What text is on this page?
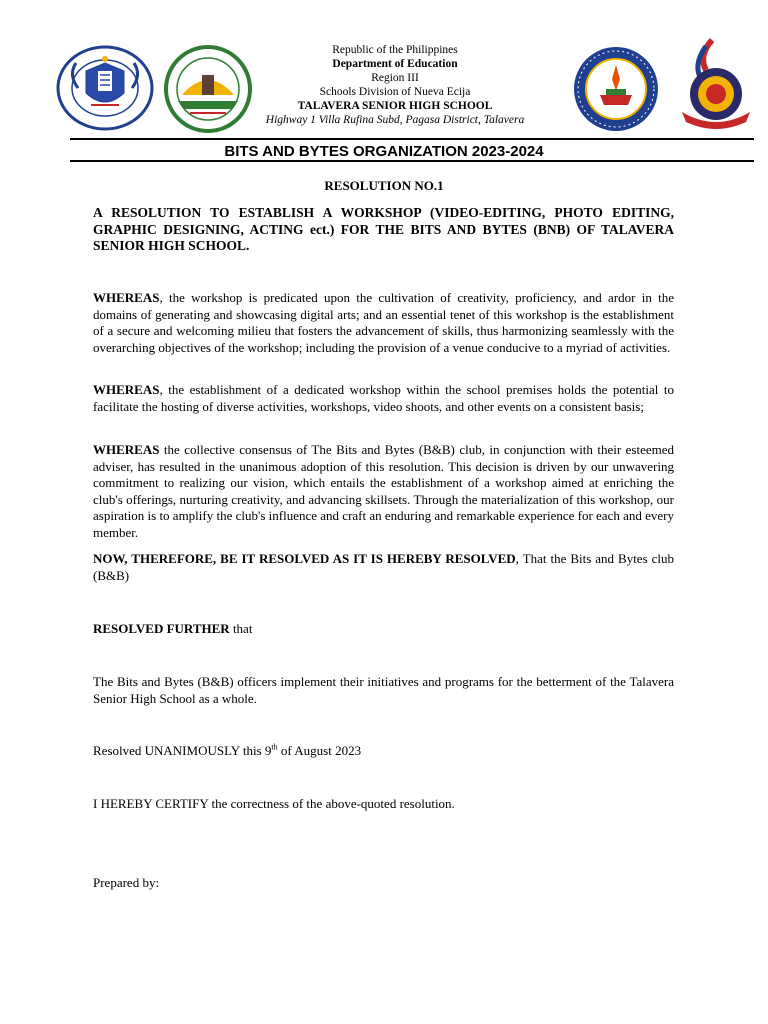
Republic of the Philippines
Department of Education
Region III
Schools Division of Nueva Ecija
TALAVERA SENIOR HIGH SCHOOL
Highway 1 Villa Rufina Subd, Pagasa District, Talavera
BITS AND BYTES ORGANIZATION 2023-2024
RESOLUTION NO.1
A RESOLUTION TO ESTABLISH A WORKSHOP (VIDEO-EDITING, PHOTO EDITING, GRAPHIC DESIGNING, ACTING ect.) FOR THE BITS AND BYTES (BNB) OF TALAVERA SENIOR HIGH SCHOOL.

WHEREAS, the workshop is predicated upon the cultivation of creativity, proficiency, and ardor in the domains of generating and showcasing digital arts; and an essential tenet of this workshop is the establishment of a secure and welcoming milieu that fosters the advancement of skills, thus harmonizing seamlessly with the overarching objectives of the workshop; including the provision of a venue conducive to a myriad of activities.

WHEREAS, the establishment of a dedicated workshop within the school premises holds the potential to facilitate the hosting of diverse activities, workshops, video shoots, and other events on a consistent basis;

WHEREAS the collective consensus of The Bits and Bytes (B&B) club, in conjunction with their esteemed adviser, has resulted in the unanimous adoption of this resolution. This decision is driven by our unwavering commitment to realizing our vision, which entails the establishment of a workshop aimed at enriching the club's offerings, nurturing creativity, and advancing skillsets. Through the materialization of this workshop, our aspiration is to amplify the club's influence and craft an enduring and remarkable experience for each and every member.

NOW, THEREFORE, BE IT RESOLVED AS IT IS HEREBY RESOLVED, That the Bits and Bytes club (B&B)

RESOLVED FURTHER that

The Bits and Bytes (B&B) officers implement their initiatives and programs for the betterment of the Talavera Senior High School as a whole.

Resolved UNANIMOUSLY this 9th of August 2023

I HEREBY CERTIFY the correctness of the above-quoted resolution.

Prepared by:
